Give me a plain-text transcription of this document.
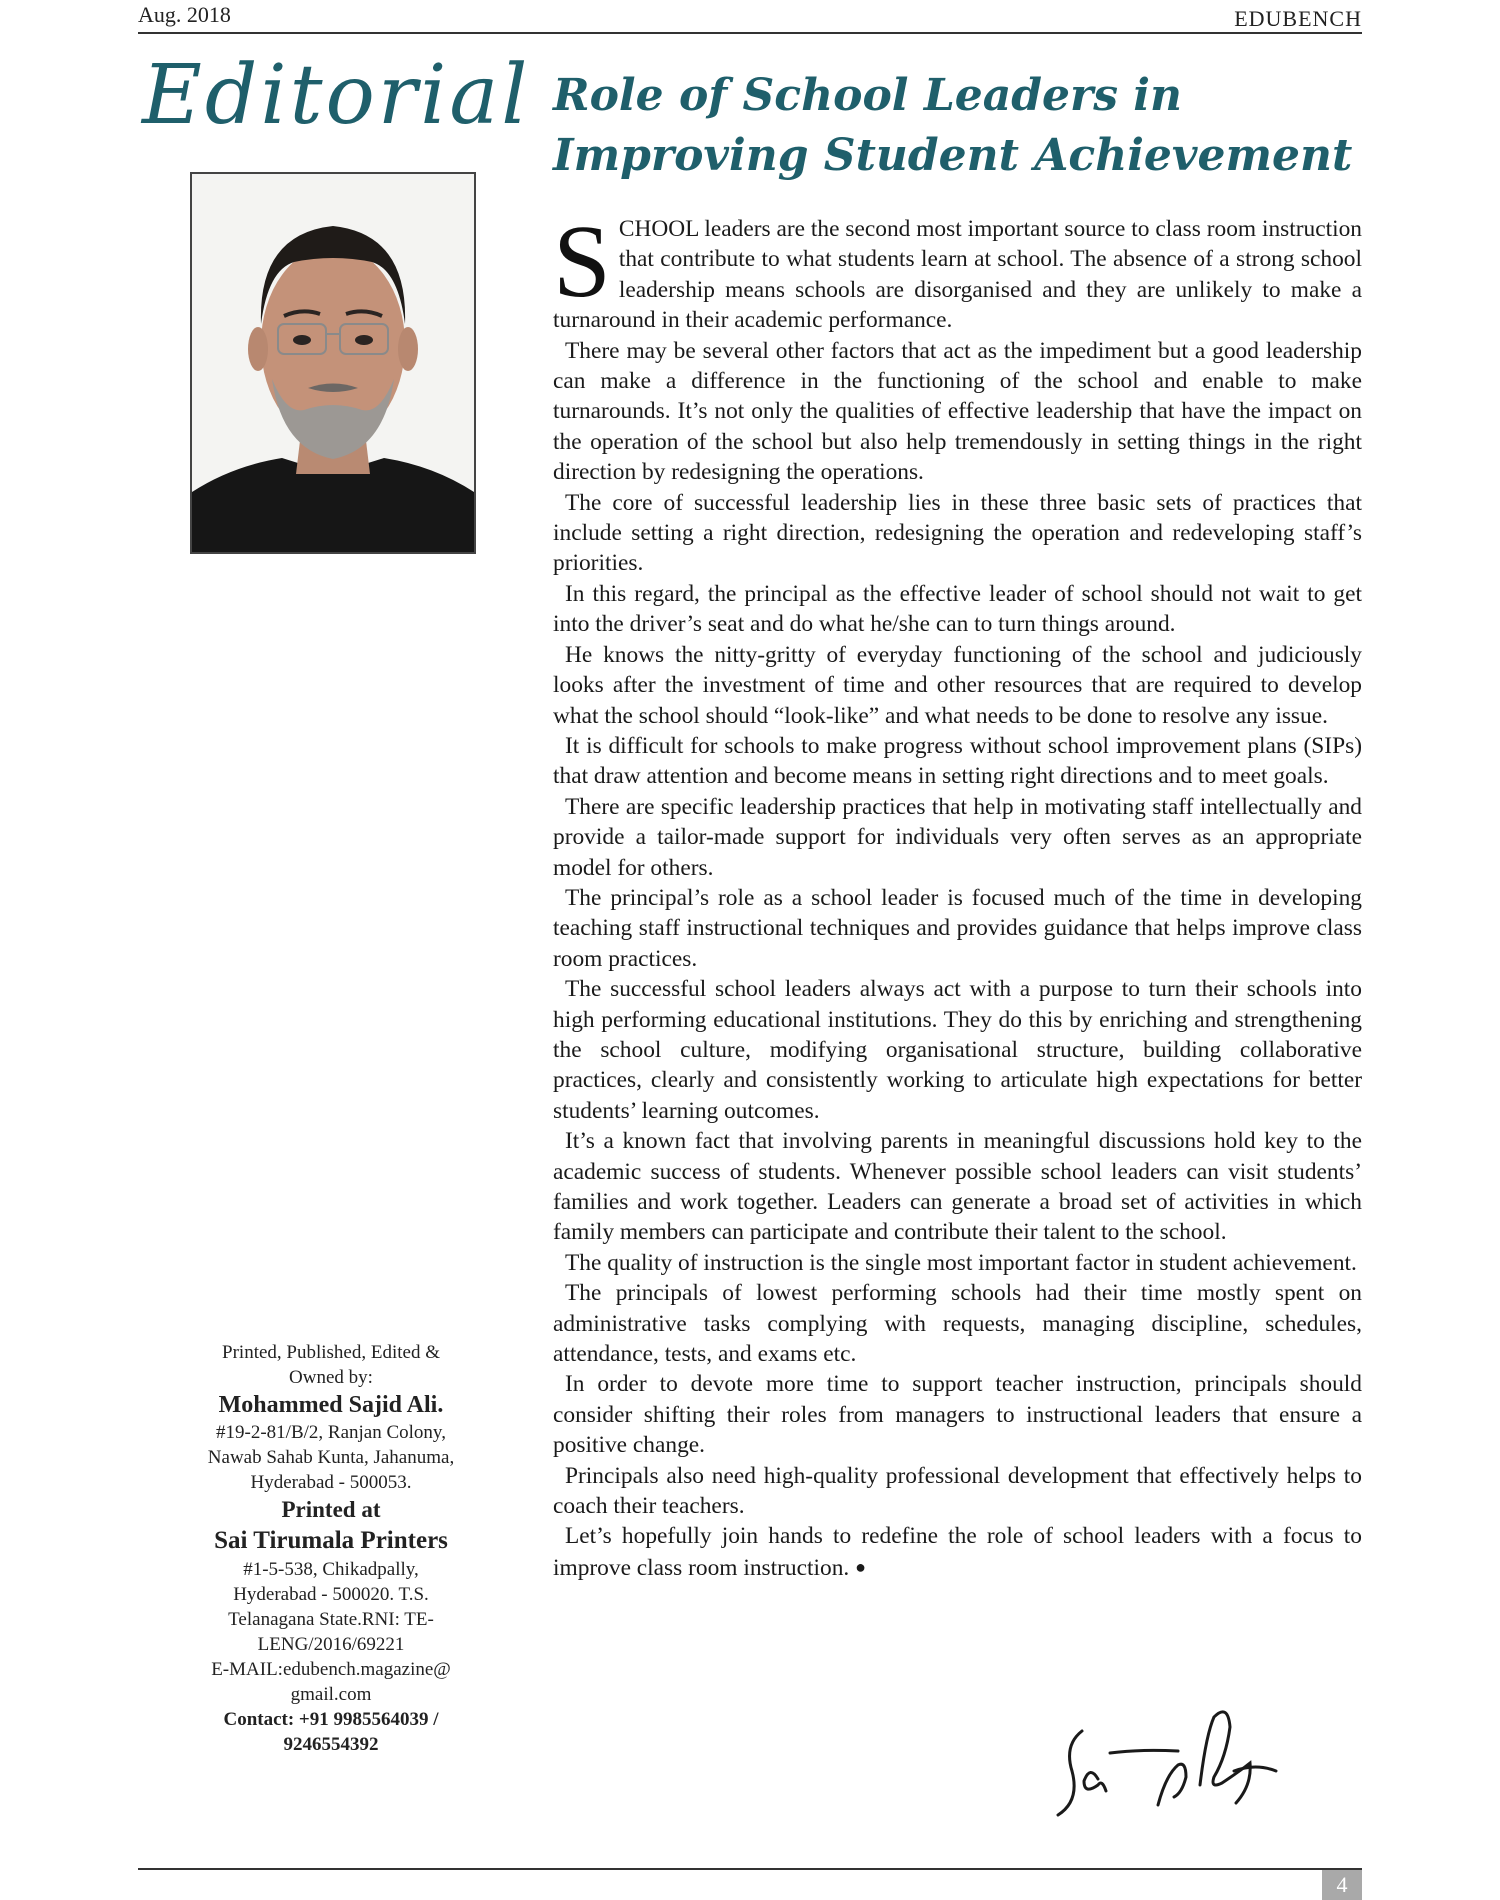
Aug. 2018	EDUBENCH
Editorial Role of School Leaders in Improving Student Achievement

SCHOOL leaders are the second most important source to class room instruction that contribute to what students learn at school. The absence of a strong school leadership means schools are disorganised and they are unlikely to make a turnaround in their academic performance.

There may be several other factors that act as the impediment but a good leadership can make a difference in the functioning of the school and enable to make turnarounds. It’s not only the qualities of effective leadership that have the impact on the operation of the school but also help tremendously in setting things in the right direction by redesigning the operations.

The core of successful leadership lies in these three basic sets of practices that include setting a right direction, redesigning the operation and redeveloping staff’s priorities.

In this regard, the principal as the effective leader of school should not wait to get into the driver’s seat and do what he/she can to turn things around.

He knows the nitty-gritty of everyday functioning of the school and judiciously looks after the investment of time and other resources that are required to develop what the school should “look-like” and what needs to be done to resolve any issue.

It is difficult for schools to make progress without school improvement plans (SIPs) that draw attention and become means in setting right directions and to meet goals.

There are specific leadership practices that help in motivating staff intellectually and provide a tailor-made support for individuals very often serves as an appropriate model for others.

The principal’s role as a school leader is focused much of the time in developing teaching staff instructional techniques and provides guidance that helps improve class room practices.

The successful school leaders always act with a purpose to turn their schools into high performing educational institutions. They do this by enriching and strengthening the school culture, modifying organisational structure, building collaborative practices, clearly and consistently working to articulate high expectations for better students’ learning outcomes.

It’s a known fact that involving parents in meaningful discussions hold key to the academic success of students. Whenever possible school leaders can visit students’ families and work together. Leaders can generate a broad set of activities in which family members can participate and contribute their talent to the school.

The quality of instruction is the single most important factor in student achievement.

The principals of lowest performing schools had their time mostly spent on administrative tasks complying with requests, managing discipline, schedules, attendance, tests, and exams etc.

In order to devote more time to support teacher instruction, principals should consider shifting their roles from managers to instructional leaders that ensure a positive change.

Principals also need high-quality professional development that effectively helps to coach their teachers.

Let’s hopefully join hands to redefine the role of school leaders with a focus to improve class room instruction. ●

Printed, Published, Edited &
Owned by:
Mohammed Sajid Ali.
#19-2-81/B/2, Ranjan Colony,
Nawab Sahab Kunta, Jahanuma,
Hyderabad - 500053.
Printed at
Sai Tirumala Printers
#1-5-538, Chikadpally,
Hyderabad - 500020. T.S.
Telanagana State.RNI: TE-
LENG/2016/69221
E-MAIL:edubench.magazine@
gmail.com
Contact: +91 9985564039 /
9246554392
4
